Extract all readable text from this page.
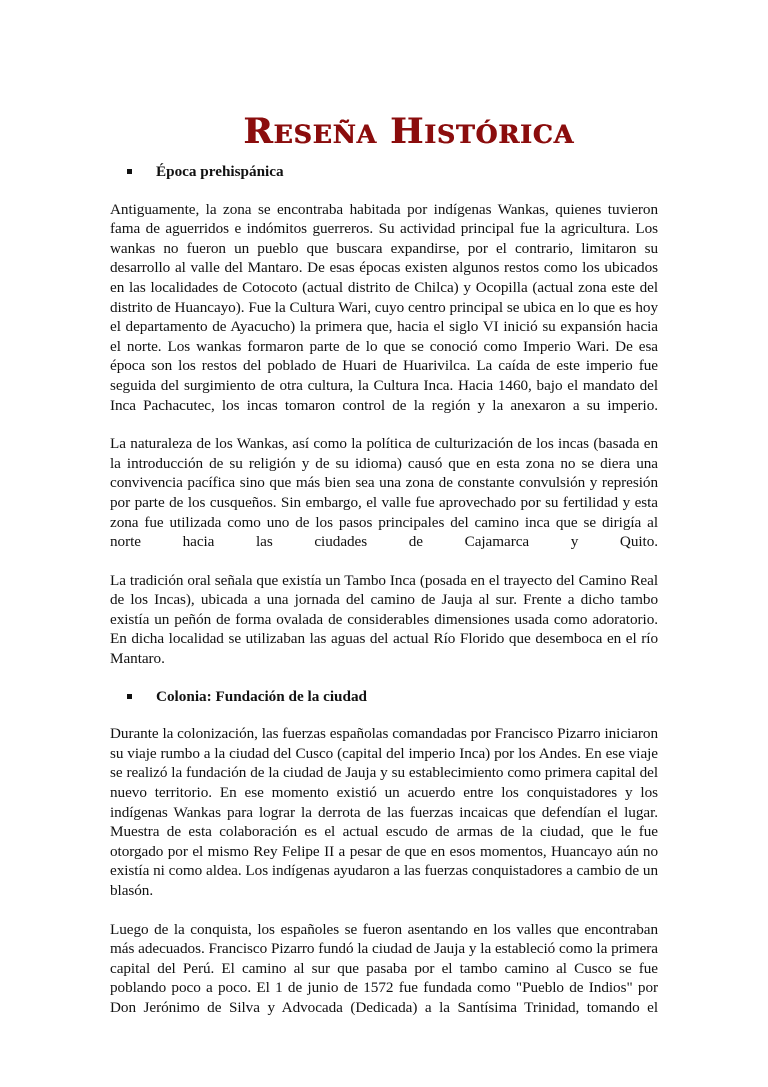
Reseña Histórica
Época prehispánica

Antiguamente, la zona se encontraba habitada por indígenas Wankas, quienes tuvieron fama de aguerridos e indómitos guerreros. Su actividad principal fue la agricultura. Los wankas no fueron un pueblo que buscara expandirse, por el contrario, limitaron su desarrollo al valle del Mantaro. De esas épocas existen algunos restos como los ubicados en las localidades de Cotocoto (actual distrito de Chilca) y Ocopilla (actual zona este del distrito de Huancayo). Fue la Cultura Wari, cuyo centro principal se ubica en lo que es hoy el departamento de Ayacucho) la primera que, hacia el siglo VI inició su expansión hacia el norte. Los wankas formaron parte de lo que se conoció como Imperio Wari. De esa época son los restos del poblado de Huari de Huarivilca. La caída de este imperio fue seguida del surgimiento de otra cultura, la Cultura Inca. Hacia 1460, bajo el mandato del Inca Pachacutec, los incas tomaron control de la región y la anexaron a su imperio.

La naturaleza de los Wankas, así como la política de culturización de los incas (basada en la introducción de su religión y de su idioma) causó que en esta zona no se diera una convivencia pacífica sino que más bien sea una zona de constante convulsión y represión por parte de los cusqueños. Sin embargo, el valle fue aprovechado por su fertilidad y esta zona fue utilizada como uno de los pasos principales del camino inca que se dirigía al norte hacia las ciudades de Cajamarca y Quito.

La tradición oral señala que existía un Tambo Inca (posada en el trayecto del Camino Real de los Incas), ubicada a una jornada del camino de Jauja al sur. Frente a dicho tambo existía un peñón de forma ovalada de considerables dimensiones usada como adoratorio. En dicha localidad se utilizaban las aguas del actual Río Florido que desemboca en el río Mantaro.

Colonia: Fundación de la ciudad

Durante la colonización, las fuerzas españolas comandadas por Francisco Pizarro iniciaron su viaje rumbo a la ciudad del Cusco (capital del imperio Inca) por los Andes. En ese viaje se realizó la fundación de la ciudad de Jauja y su establecimiento como primera capital del nuevo territorio. En ese momento existió un acuerdo entre los conquistadores y los indígenas Wankas para lograr la derrota de las fuerzas incaicas que defendían el lugar. Muestra de esta colaboración es el actual escudo de armas de la ciudad, que le fue otorgado por el mismo Rey Felipe II a pesar de que en esos momentos, Huancayo aún no existía ni como aldea. Los indígenas ayudaron a las fuerzas conquistadores a cambio de un blasón.

Luego de la conquista, los españoles se fueron asentando en los valles que encontraban más adecuados. Francisco Pizarro fundó la ciudad de Jauja y la estableció como la primera capital del Perú. El camino al sur que pasaba por el tambo camino al Cusco se fue poblando poco a poco. El 1 de junio de 1572 fue fundada como "Pueblo de Indios" por Don Jerónimo de Silva y Advocada (Dedicada) a la Santísima Trinidad, tomando el
